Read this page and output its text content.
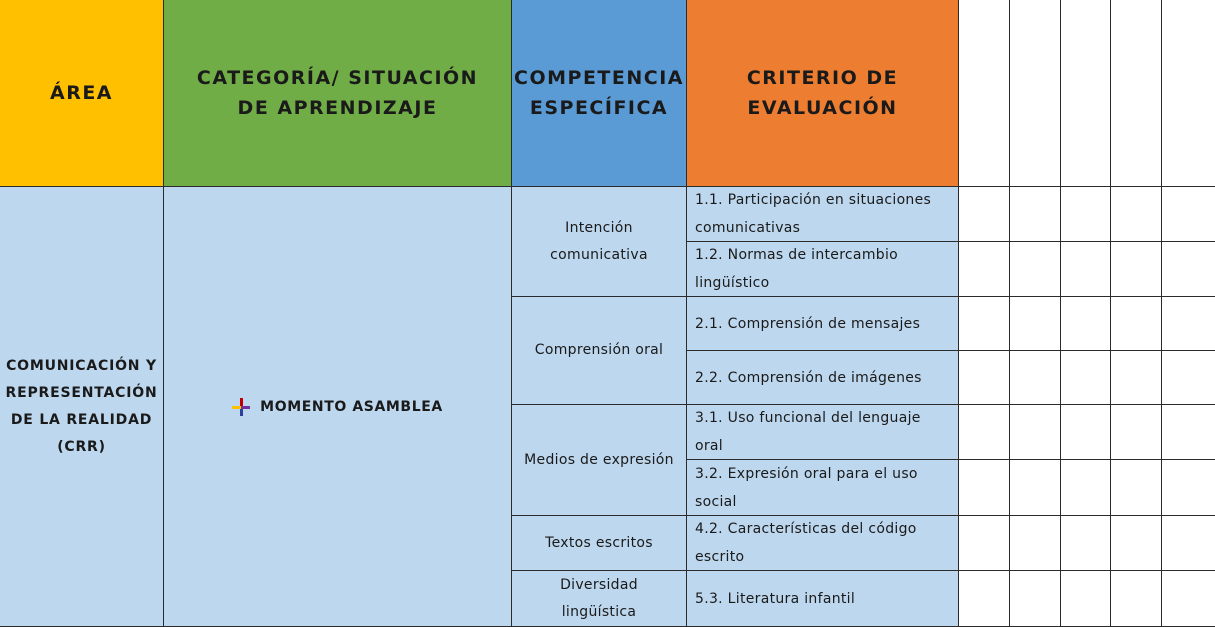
ÁREA
CATEGORÍA/ SITUACIÓN DE APRENDIZAJE
COMPETENCIA ESPECÍFICA
CRITERIO DE EVALUACIÓN
COMUNICACIÓN Y REPRESENTACIÓN DE LA REALIDAD (CRR)
MOMENTO ASAMBLEA
Intención comunicativa
Comprensión oral
Medios de expresión
Textos escritos
Diversidad lingüística
1.1. Participación en situaciones comunicativas
1.2. Normas de intercambio lingüístico
2.1. Comprensión de mensajes
2.2. Comprensión de imágenes
3.1. Uso funcional del lenguaje oral
3.2. Expresión oral para el uso social
4.2. Características del código escrito
5.3. Literatura infantil
